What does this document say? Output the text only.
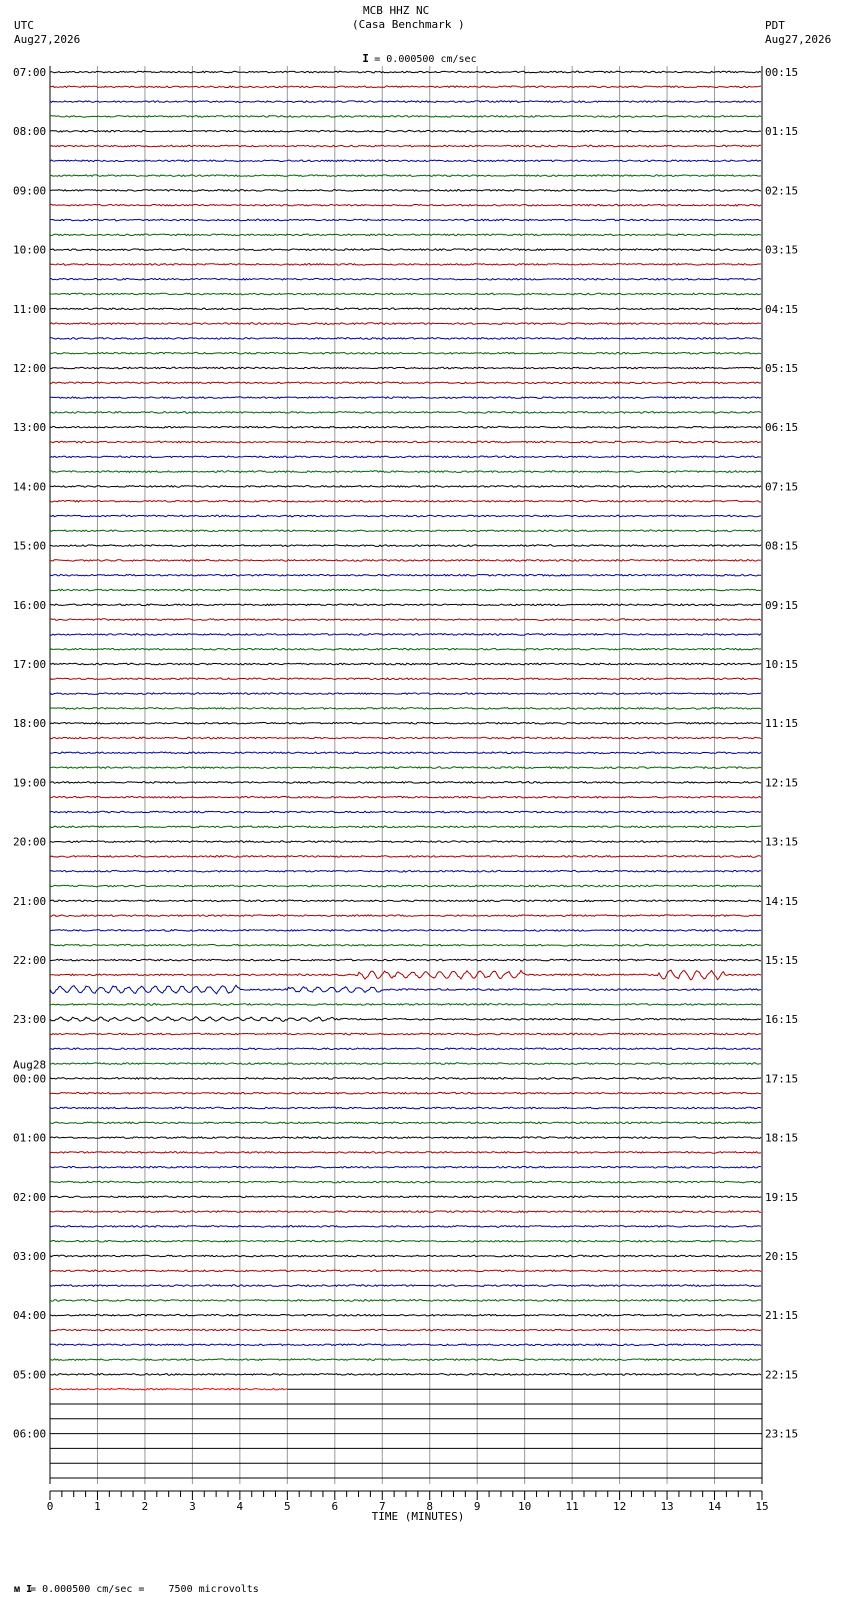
MCB HHZ NC
(Casa Benchmark )

I = 0.000500 cm/sec

UTC
Aug27,2026
PDT
Aug27,2026
07:00	00:15
08:00	01:15
09:00	02:15
10:00	03:15
11:00	04:15
12:00	05:15
13:00	06:15
14:00	07:15
15:00	08:15
16:00	09:15
17:00	10:15
18:00	11:15
19:00	12:15
20:00	13:15
21:00	14:15
22:00	15:15
23:00	16:15
00:00	17:15
Aug28
01:00	18:15
02:00	19:15
03:00	20:15
04:00	21:15
05:00	22:15
06:00	23:15
0	1	2	3	4	5	6	7	8	9	10	11	12	13	14	15
TIME (MINUTES)

ᴍ I= 0.000500 cm/sec =    7500 microvolts
